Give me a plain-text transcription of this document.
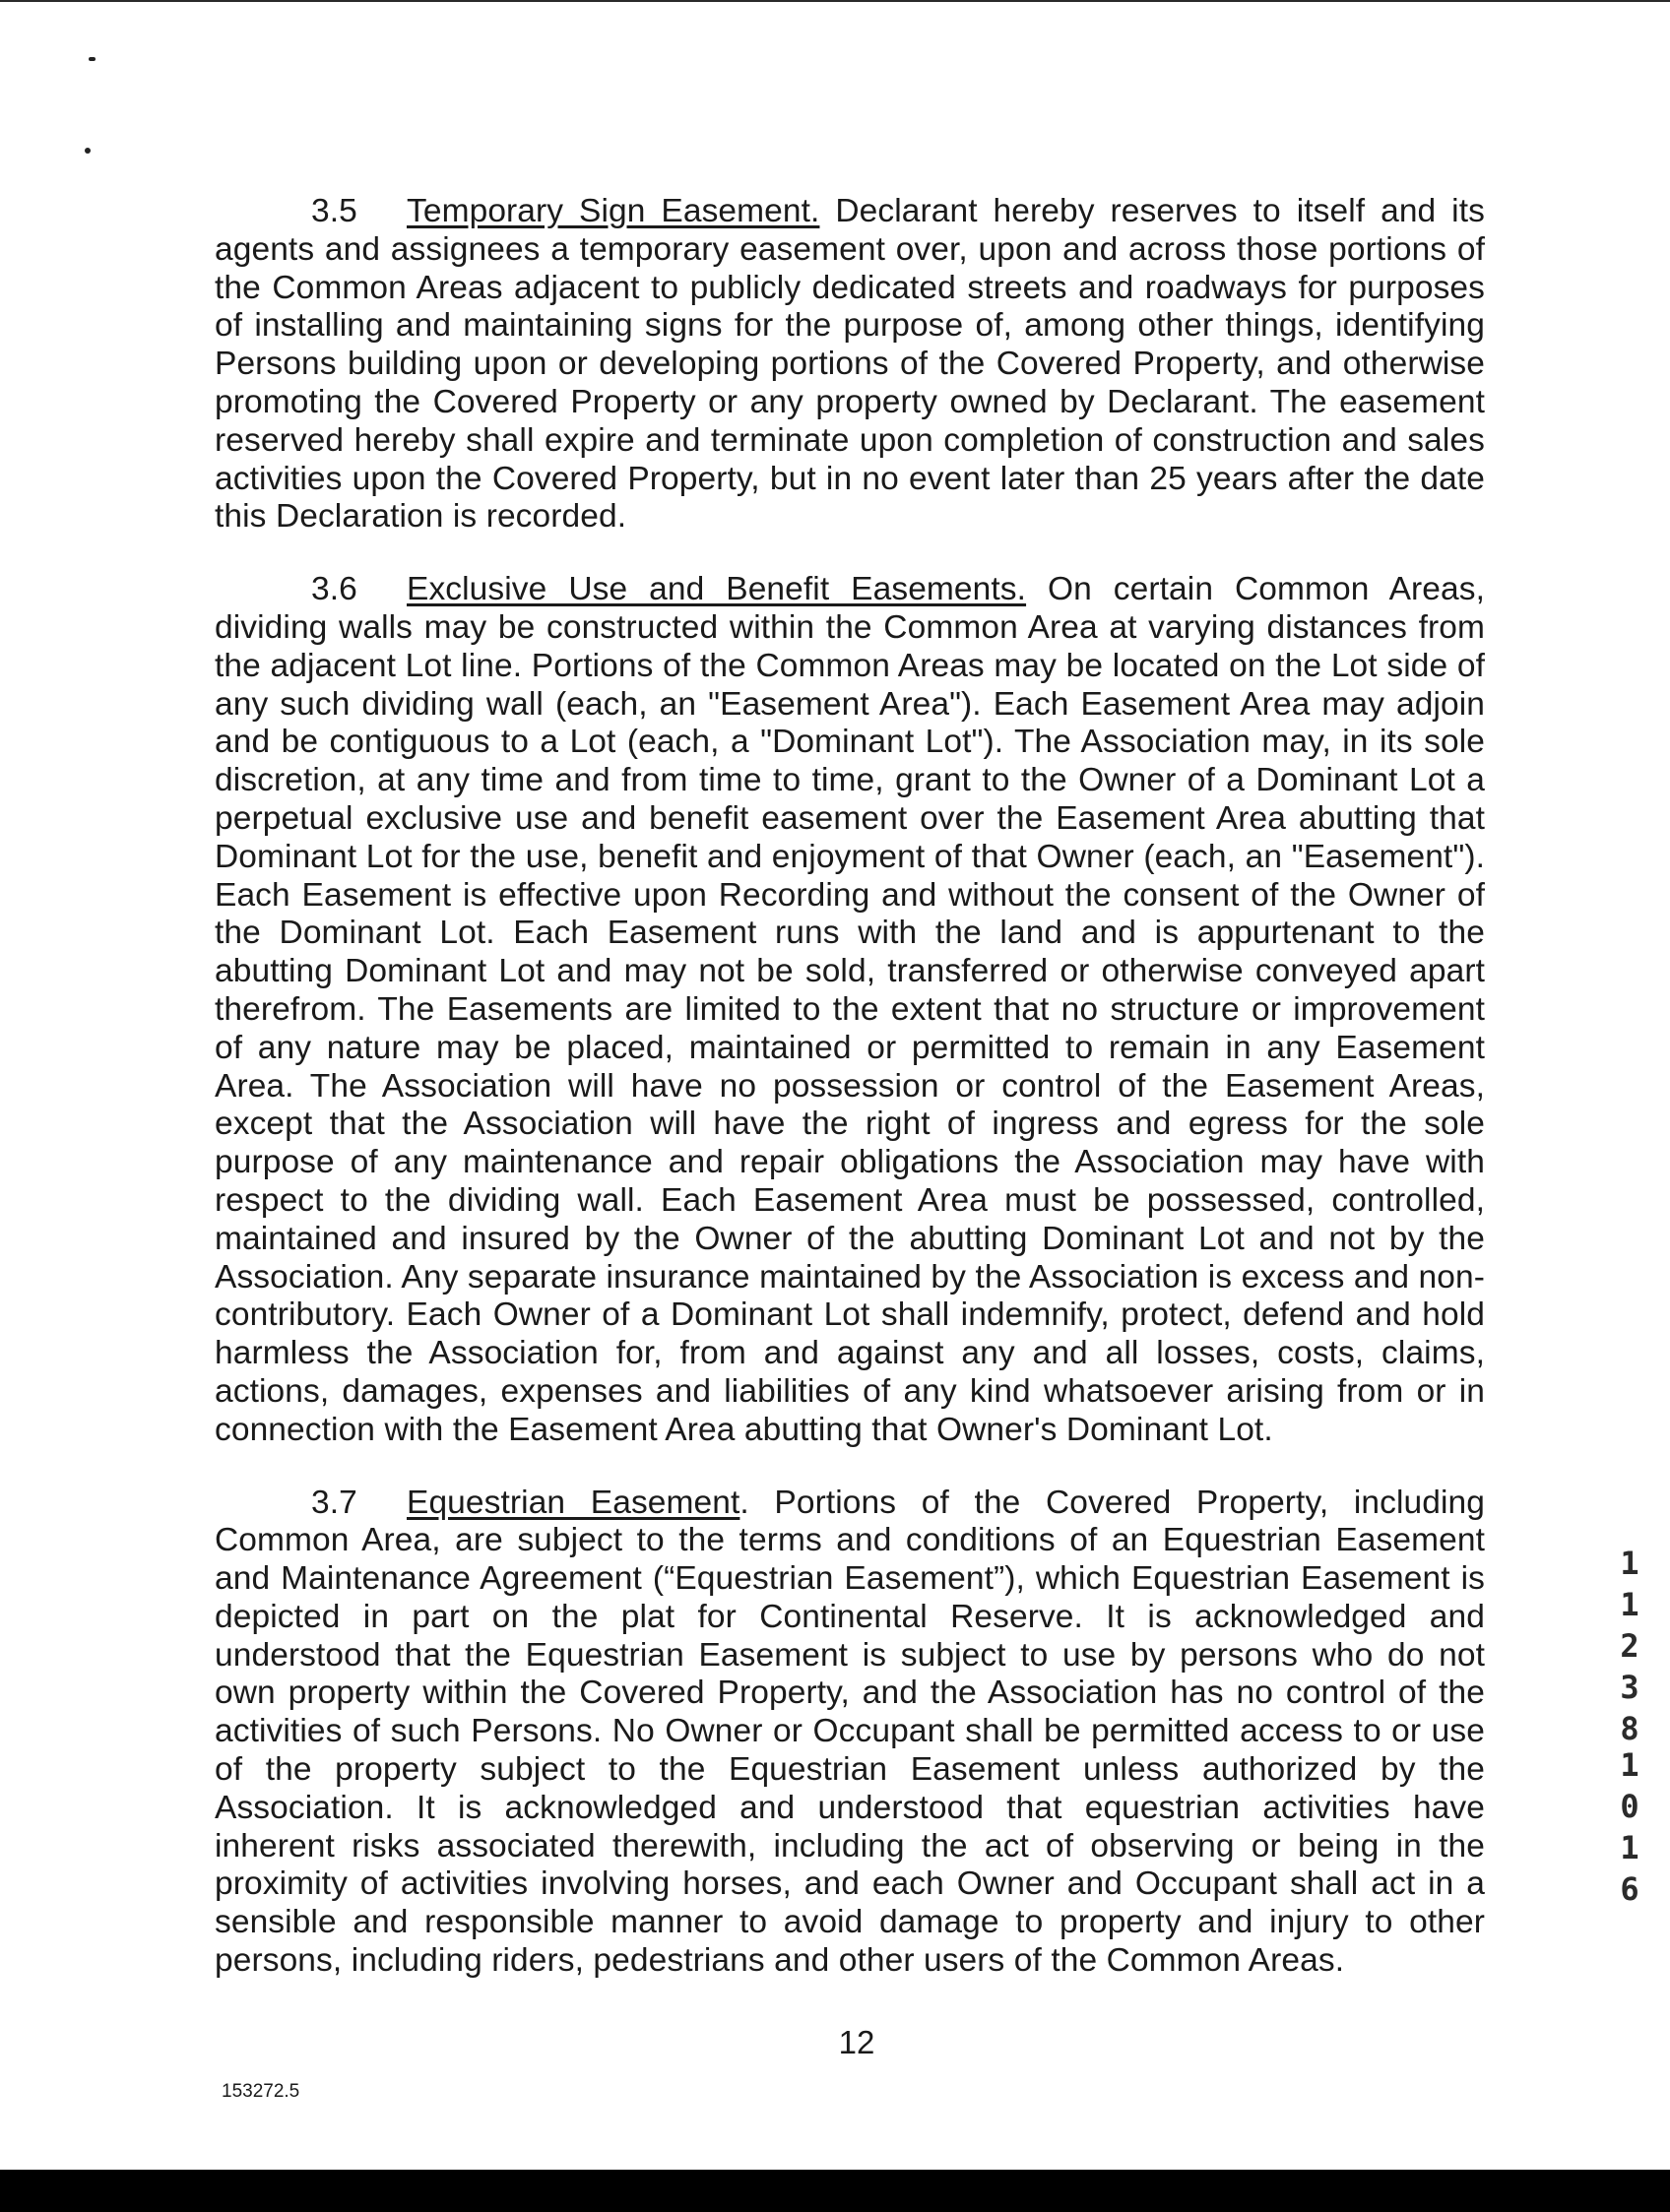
3.5 Temporary Sign Easement. Declarant hereby reserves to itself and its agents and assignees a temporary easement over, upon and across those portions of the Common Areas adjacent to publicly dedicated streets and roadways for purposes of installing and maintaining signs for the purpose of, among other things, identifying Persons building upon or developing portions of the Covered Property, and otherwise promoting the Covered Property or any property owned by Declarant. The easement reserved hereby shall expire and terminate upon completion of construction and sales activities upon the Covered Property, but in no event later than 25 years after the date this Declaration is recorded.

3.6 Exclusive Use and Benefit Easements. On certain Common Areas, dividing walls may be constructed within the Common Area at varying distances from the adjacent Lot line. Portions of the Common Areas may be located on the Lot side of any such dividing wall (each, an "Easement Area"). Each Easement Area may adjoin and be contiguous to a Lot (each, a "Dominant Lot"). The Association may, in its sole discretion, at any time and from time to time, grant to the Owner of a Dominant Lot a perpetual exclusive use and benefit easement over the Easement Area abutting that Dominant Lot for the use, benefit and enjoyment of that Owner (each, an "Easement"). Each Easement is effective upon Recording and without the consent of the Owner of the Dominant Lot. Each Easement runs with the land and is appurtenant to the abutting Dominant Lot and may not be sold, transferred or otherwise conveyed apart therefrom. The Easements are limited to the extent that no structure or improvement of any nature may be placed, maintained or permitted to remain in any Easement Area. The Association will have no possession or control of the Easement Areas, except that the Association will have the right of ingress and egress for the sole purpose of any maintenance and repair obligations the Association may have with respect to the dividing wall. Each Easement Area must be possessed, controlled, maintained and insured by the Owner of the abutting Dominant Lot and not by the Association. Any separate insurance maintained by the Association is excess and non-contributory. Each Owner of a Dominant Lot shall indemnify, protect, defend and hold harmless the Association for, from and against any and all losses, costs, claims, actions, damages, expenses and liabilities of any kind whatsoever arising from or in connection with the Easement Area abutting that Owner's Dominant Lot.

3.7 Equestrian Easement. Portions of the Covered Property, including Common Area, are subject to the terms and conditions of an Equestrian Easement and Maintenance Agreement (“Equestrian Easement”), which Equestrian Easement is depicted in part on the plat for Continental Reserve. It is acknowledged and understood that the Equestrian Easement is subject to use by persons who do not own property within the Covered Property, and the Association has no control of the activities of such Persons. No Owner or Occupant shall be permitted access to or use of the property subject to the Equestrian Easement unless authorized by the Association. It is acknowledged and understood that equestrian activities have inherent risks associated therewith, including the act of observing or being in the proximity of activities involving horses, and each Owner and Occupant shall act in a sensible and responsible manner to avoid damage to property and injury to other persons, including riders, pedestrians and other users of the Common Areas.

1
1
2
3
8
1
0
1
6
12
153272.5
